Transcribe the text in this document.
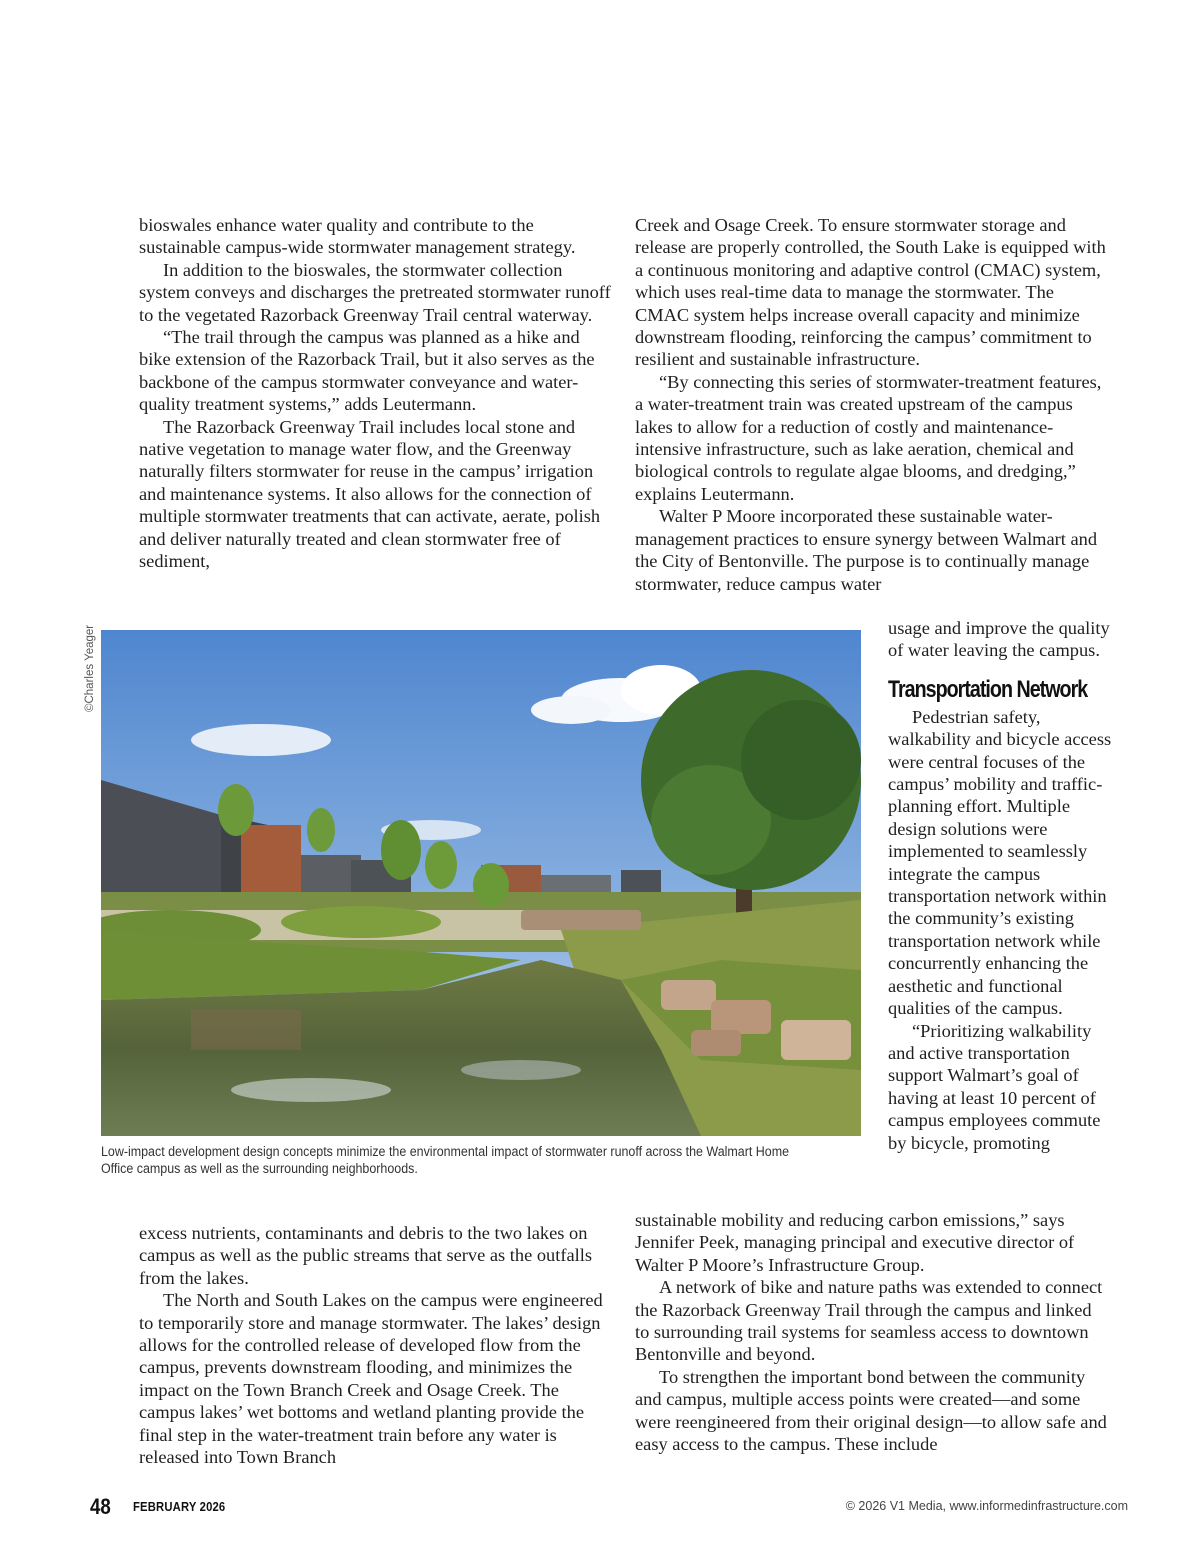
bioswales enhance water quality and contribute to the sustainable campus-wide stormwater management strategy.

In addition to the bioswales, the stormwater collection system conveys and discharges the pretreated stormwater runoff to the vegetated Razorback Greenway Trail central waterway.

“The trail through the campus was planned as a hike and bike extension of the Razorback Trail, but it also serves as the backbone of the campus stormwater conveyance and water-quality treatment systems,” adds Leutermann.

The Razorback Greenway Trail includes local stone and native vegetation to manage water flow, and the Greenway naturally filters stormwater for reuse in the campus’ irrigation and maintenance systems. It also allows for the connection of multiple stormwater treatments that can activate, aerate, polish and deliver naturally treated and clean stormwater free of sediment,

Creek and Osage Creek. To ensure stormwater storage and release are properly controlled, the South Lake is equipped with a continuous monitoring and adaptive control (CMAC) system, which uses real-time data to manage the stormwater. The CMAC system helps increase overall capacity and minimize downstream flooding, reinforcing the campus’ commitment to resilient and sustainable infrastructure.

“By connecting this series of stormwater-treatment features, a water-treatment train was created upstream of the campus lakes to allow for a reduction of costly and maintenance-intensive infrastructure, such as lake aeration, chemical and biological controls to regulate algae blooms, and dredging,” explains Leutermann.

Walter P Moore incorporated these sustainable water-management practices to ensure synergy between Walmart and the City of Bentonville. The purpose is to continually manage stormwater, reduce campus water

©Charles Yeager
Low-impact development design concepts minimize the environmental impact of stormwater runoff across the Walmart Home Office campus as well as the surrounding neighborhoods.

usage and improve the quality of water leaving the campus.

Transportation Network

Pedestrian safety, walkability and bicycle access were central focuses of the campus’ mobility and traffic-planning effort. Multiple design solutions were implemented to seamlessly integrate the campus transportation network within the community’s existing transportation network while concurrently enhancing the aesthetic and functional qualities of the campus.

“Prioritizing walkability and active transportation support Walmart’s goal of having at least 10 percent of campus employees commute by bicycle, promoting

excess nutrients, contaminants and debris to the two lakes on campus as well as the public streams that serve as the outfalls from the lakes.

The North and South Lakes on the campus were engineered to temporarily store and manage stormwater. The lakes’ design allows for the controlled release of developed flow from the campus, prevents downstream flooding, and minimizes the impact on the Town Branch Creek and Osage Creek. The campus lakes’ wet bottoms and wetland planting provide the final step in the water-treatment train before any water is released into Town Branch

sustainable mobility and reducing carbon emissions,” says Jennifer Peek, managing principal and executive director of Walter P Moore’s Infrastructure Group.

A network of bike and nature paths was extended to connect the Razorback Greenway Trail through the campus and linked to surrounding trail systems for seamless access to downtown Bentonville and beyond.

To strengthen the important bond between the community and campus, multiple access points were created—and some were reengineered from their original design—to allow safe and easy access to the campus. These include

48 FEBRUARY 2026	© 2026 V1 Media, www.informedinfrastructure.com
